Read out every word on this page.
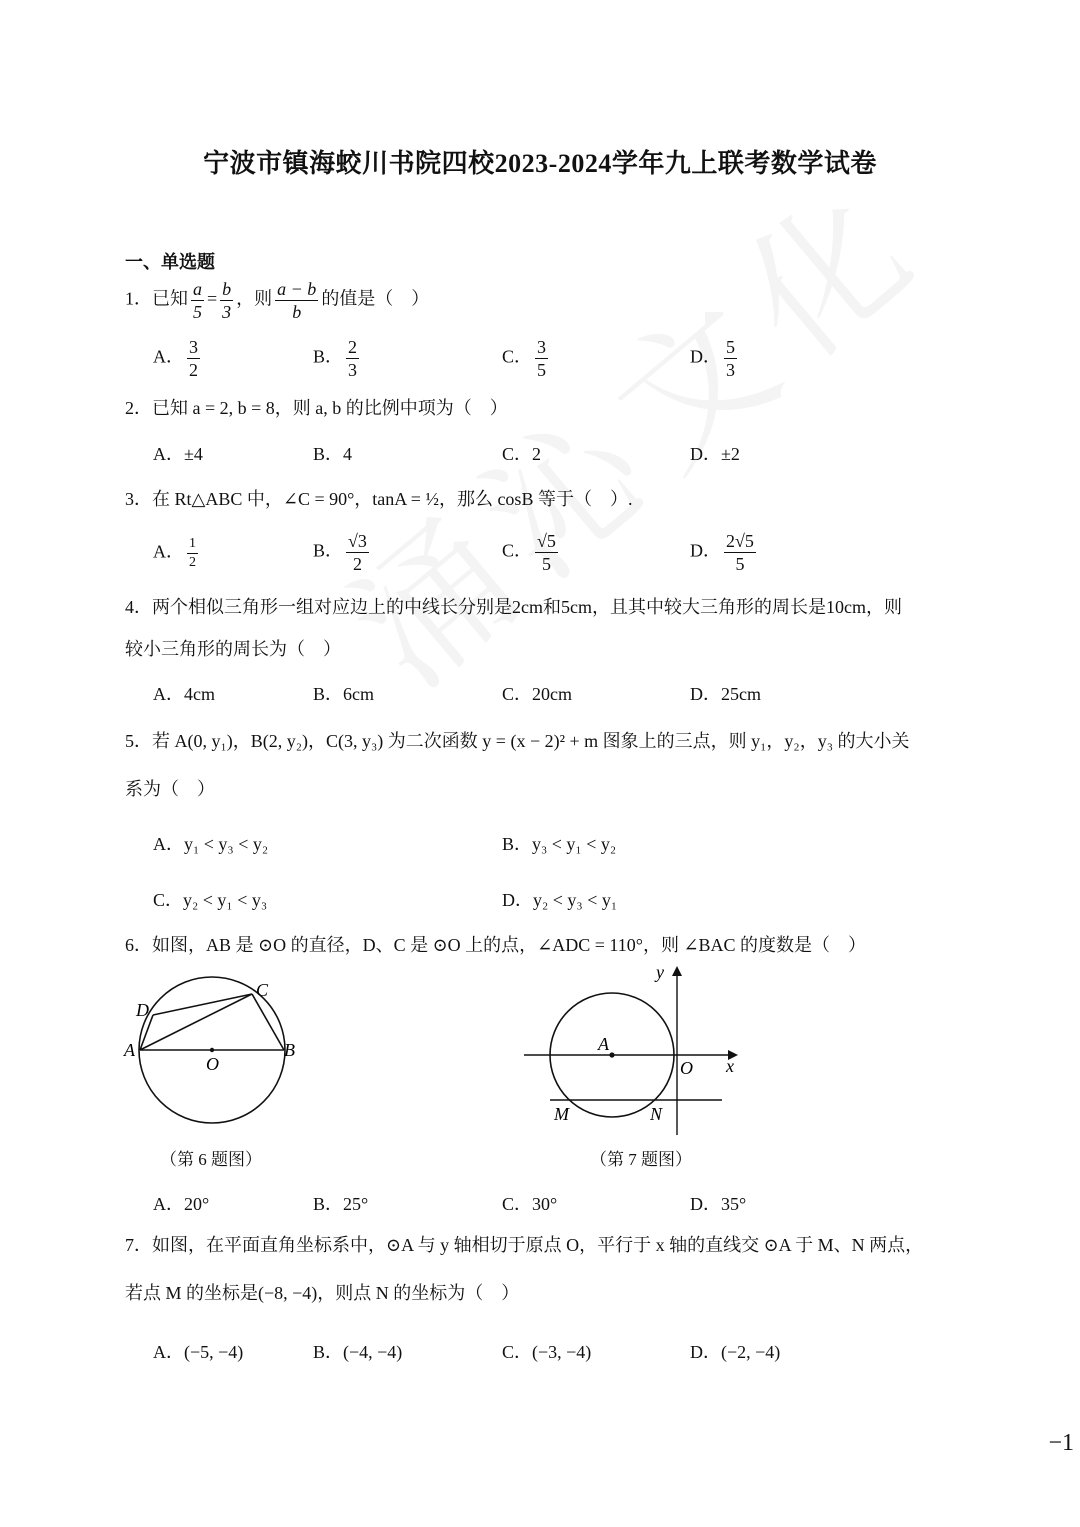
宁波市镇海蛟川书院四校2023-2024学年九上联考数学试卷
一、单选题
1．已知 $\frac{a}{5} = \frac{b}{3}$ ，则 $\frac{a - b}{b}$ 的值是（　）
A． $\frac{3}{2}$	B． $\frac{2}{3}$	C． $\frac{3}{5}$	D． $\frac{5}{3}$
2．已知 a = 2, b = 8，则 a, b 的比例中项为（　）
A．±4	B．4	C．2	D．±2
3．在 Rt△ABC 中，∠C = 90°，tanA = ½，那么 cosB 等于（　）.
A． $\frac{1}{2}$	B． $\frac{√3}{2}$	C． $\frac{√5}{5}$	D． $\frac{2√5}{5}$
4．两个相似三角形一组对应边上的中线长分别是2cm和5cm，且其中较大三角形的周长是10cm，则
较小三角形的周长为（　）
A．4cm	B．6cm	C．20cm	D．25cm
5．若 A(0, y₁)，B(2, y₂)，C(3, y₃) 为二次函数 y = (x − 2)² + m 图象上的三点，则 y₁，y₂，y₃ 的大小关
系为（　）
A．y₁ < y₃ < y₂	B．y₃ < y₁ < y₂
C．y₂ < y₁ < y₃	D．y₂ < y₃ < y₁
6．如图，AB 是 ⊙O 的直径，D、C 是 ⊙O 上的点，∠ADC = 110°，则 ∠BAC 的度数是（　）
D
C
A
O
B
（第 6 题图）
y
x
A
O
M	N
（第 7 题图）
A．20°	B．25°	C．30°	D．35°
7．如图，在平面直角坐标系中，⊙A 与 y 轴相切于原点 O，平行于 x 轴的直线交 ⊙A 于 M、N 两点，
若点 M 的坐标是(−8, −4)，则点 N 的坐标为（　）
A．(−5, −4)	B．(−4, −4)	C．(−3, −4)	D．(−2, −4)
−1
